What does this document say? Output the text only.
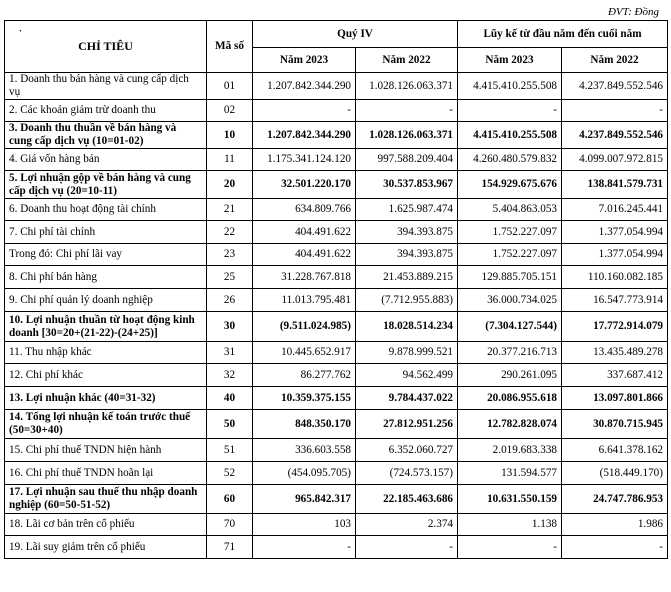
ĐVT: Đồng
·
CHỈ TIÊU	Mã số	Quý IV		Lũy kế từ đầu năm đến cuối năm	
		Năm 2023	Năm 2022	Năm 2023	Năm 2022
1. Doanh thu bán hàng và cung cấp dịch vụ	01	1.207.842.344.290	1.028.126.063.371	4.415.410.255.508	4.237.849.552.546
2. Các khoản giảm trừ doanh thu	02	-	-	-	-
3. Doanh thu thuần về bán hàng và cung cấp dịch vụ (10=01-02)	10	1.207.842.344.290	1.028.126.063.371	4.415.410.255.508	4.237.849.552.546
4. Giá vốn hàng bán	11	1.175.341.124.120	997.588.209.404	4.260.480.579.832	4.099.007.972.815
5. Lợi nhuận gộp về bán hàng và cung cấp dịch vụ (20=10-11)	20	32.501.220.170	30.537.853.967	154.929.675.676	138.841.579.731
6. Doanh thu hoạt động tài chính	21	634.809.766	1.625.987.474	5.404.863.053	7.016.245.441
7. Chi phí tài chính	22	404.491.622	394.393.875	1.752.227.097	1.377.054.994
Trong đó: Chi phí lãi vay	23	404.491.622	394.393.875	1.752.227.097	1.377.054.994
8. Chi phí bán hàng	25	31.228.767.818	21.453.889.215	129.885.705.151	110.160.082.185
9. Chi phí quản lý doanh nghiệp	26	11.013.795.481	(7.712.955.883)	36.000.734.025	16.547.773.914
10. Lợi nhuận thuần từ hoạt động kinh doanh [30=20+(21-22)-(24+25)]	30	(9.511.024.985)	18.028.514.234	(7.304.127.544)	17.772.914.079
11. Thu nhập khác	31	10.445.652.917	9.878.999.521	20.377.216.713	13.435.489.278
12. Chi phí khác	32	86.277.762	94.562.499	290.261.095	337.687.412
13. Lợi nhuận khác (40=31-32)	40	10.359.375.155	9.784.437.022	20.086.955.618	13.097.801.866
14. Tổng lợi nhuận kế toán trước thuế (50=30+40)	50	848.350.170	27.812.951.256	12.782.828.074	30.870.715.945
15. Chi phí thuế TNDN hiện hành	51	336.603.558	6.352.060.727	2.019.683.338	6.641.378.162
16. Chi phí thuế TNDN hoãn lại	52	(454.095.705)	(724.573.157)	131.594.577	(518.449.170)
17. Lợi nhuận sau thuế thu nhập doanh nghiệp (60=50-51-52)	60	965.842.317	22.185.463.686	10.631.550.159	24.747.786.953
18. Lãi cơ bản trên cổ phiếu	70	103	2.374	1.138	1.986
19. Lãi suy giảm trên cổ phiếu	71	-	-	-	-
